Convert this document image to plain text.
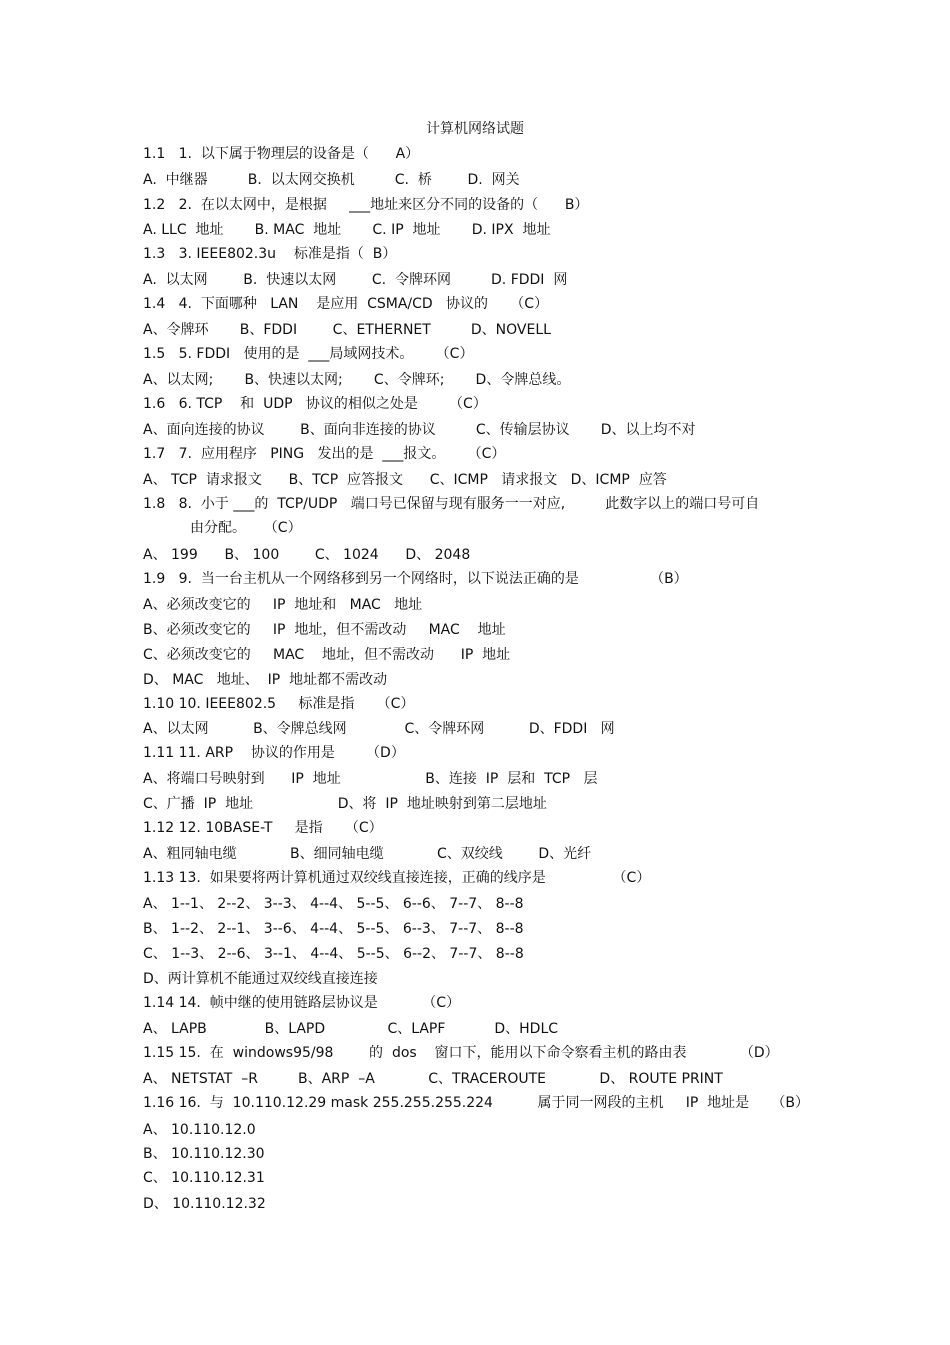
计算机网络试题
1.1   1.  以下属于物理层的设备是（      A）
A.  中继器         B.  以太网交换机         C.  桥        D.  网关
1.2   2.  在以太网中，是根据     ___地址来区分不同的设备的（      B）
A. LLC  地址       B. MAC  地址       C. IP  地址       D. IPX  地址
1.3   3. IEEE802.3u    标准是指（  B）
A.  以太网        B.  快速以太网        C.  令牌环网         D. FDDI  网
1.4   4.  下面哪种   LAN    是应用  CSMA/CD   协议的     （C）
A、令牌环       B、FDDI        C、ETHERNET         D、NOVELL
1.5   5. FDDI   使用的是  ___局域网技术。     （C）
A、以太网;       B、快速以太网;       C、令牌环;       D、令牌总线。
1.6   6. TCP    和  UDP   协议的相似之处是       （C）
A、面向连接的协议        B、面向非连接的协议         C、传输层协议       D、以上均不对
1.7   7.  应用程序   PING   发出的是  ___报文。     （C）
A、 TCP  请求报文      B、TCP  应答报文      C、ICMP   请求报文   D、ICMP  应答
1.8   8.  小于 ___的  TCP/UDP   端口号已保留与现有服务一一对应,         此数字以上的端口号可自
由分配。    （C）
A、 199      B、 100        C、 1024      D、 2048
1.9   9.  当一台主机从一个网络移到另一个网络时，以下说法正确的是                （B）
A、必须改变它的     IP  地址和   MAC   地址
B、必须改变它的     IP  地址，但不需改动     MAC    地址
C、必须改变它的     MAC    地址，但不需改动      IP  地址
D、 MAC   地址、  IP  地址都不需改动
1.10 10. IEEE802.5     标准是指     （C）
A、以太网          B、令牌总线网             C、令牌环网          D、FDDI   网
1.11 11. ARP    协议的作用是       （D）
A、将端口号映射到      IP  地址                   B、连接  IP  层和  TCP   层
C、广播  IP  地址                   D、将  IP  地址映射到第二层地址
1.12 12. 10BASE-T     是指     （C）
A、粗同轴电缆            B、细同轴电缆            C、双绞线        D、光纤
1.13 13.  如果要将两计算机通过双绞线直接连接，正确的线序是               （C）
A、 1--1、 2--2、 3--3、 4--4、 5--5、 6--6、 7--7、 8--8
B、 1--2、 2--1、 3--6、 4--4、 5--5、 6--3、 7--7、 8--8
C、 1--3、 2--6、 3--1、 4--4、 5--5、 6--2、 7--7、 8--8
D、两计算机不能通过双绞线直接连接
1.14 14.  帧中继的使用链路层协议是          （C）
A、 LAPB             B、LAPD              C、LAPF           D、HDLC
1.15 15.  在  windows95/98        的  dos    窗口下，能用以下命令察看主机的路由表            （D）
A、 NETSTAT  –R         B、ARP  –A            C、TRACEROUTE            D、 ROUTE PRINT
1.16 16.  与  10.110.12.29 mask 255.255.255.224          属于同一网段的主机     IP  地址是     （B）
A、 10.110.12.0
B、 10.110.12.30
C、 10.110.12.31
D、 10.110.12.32
